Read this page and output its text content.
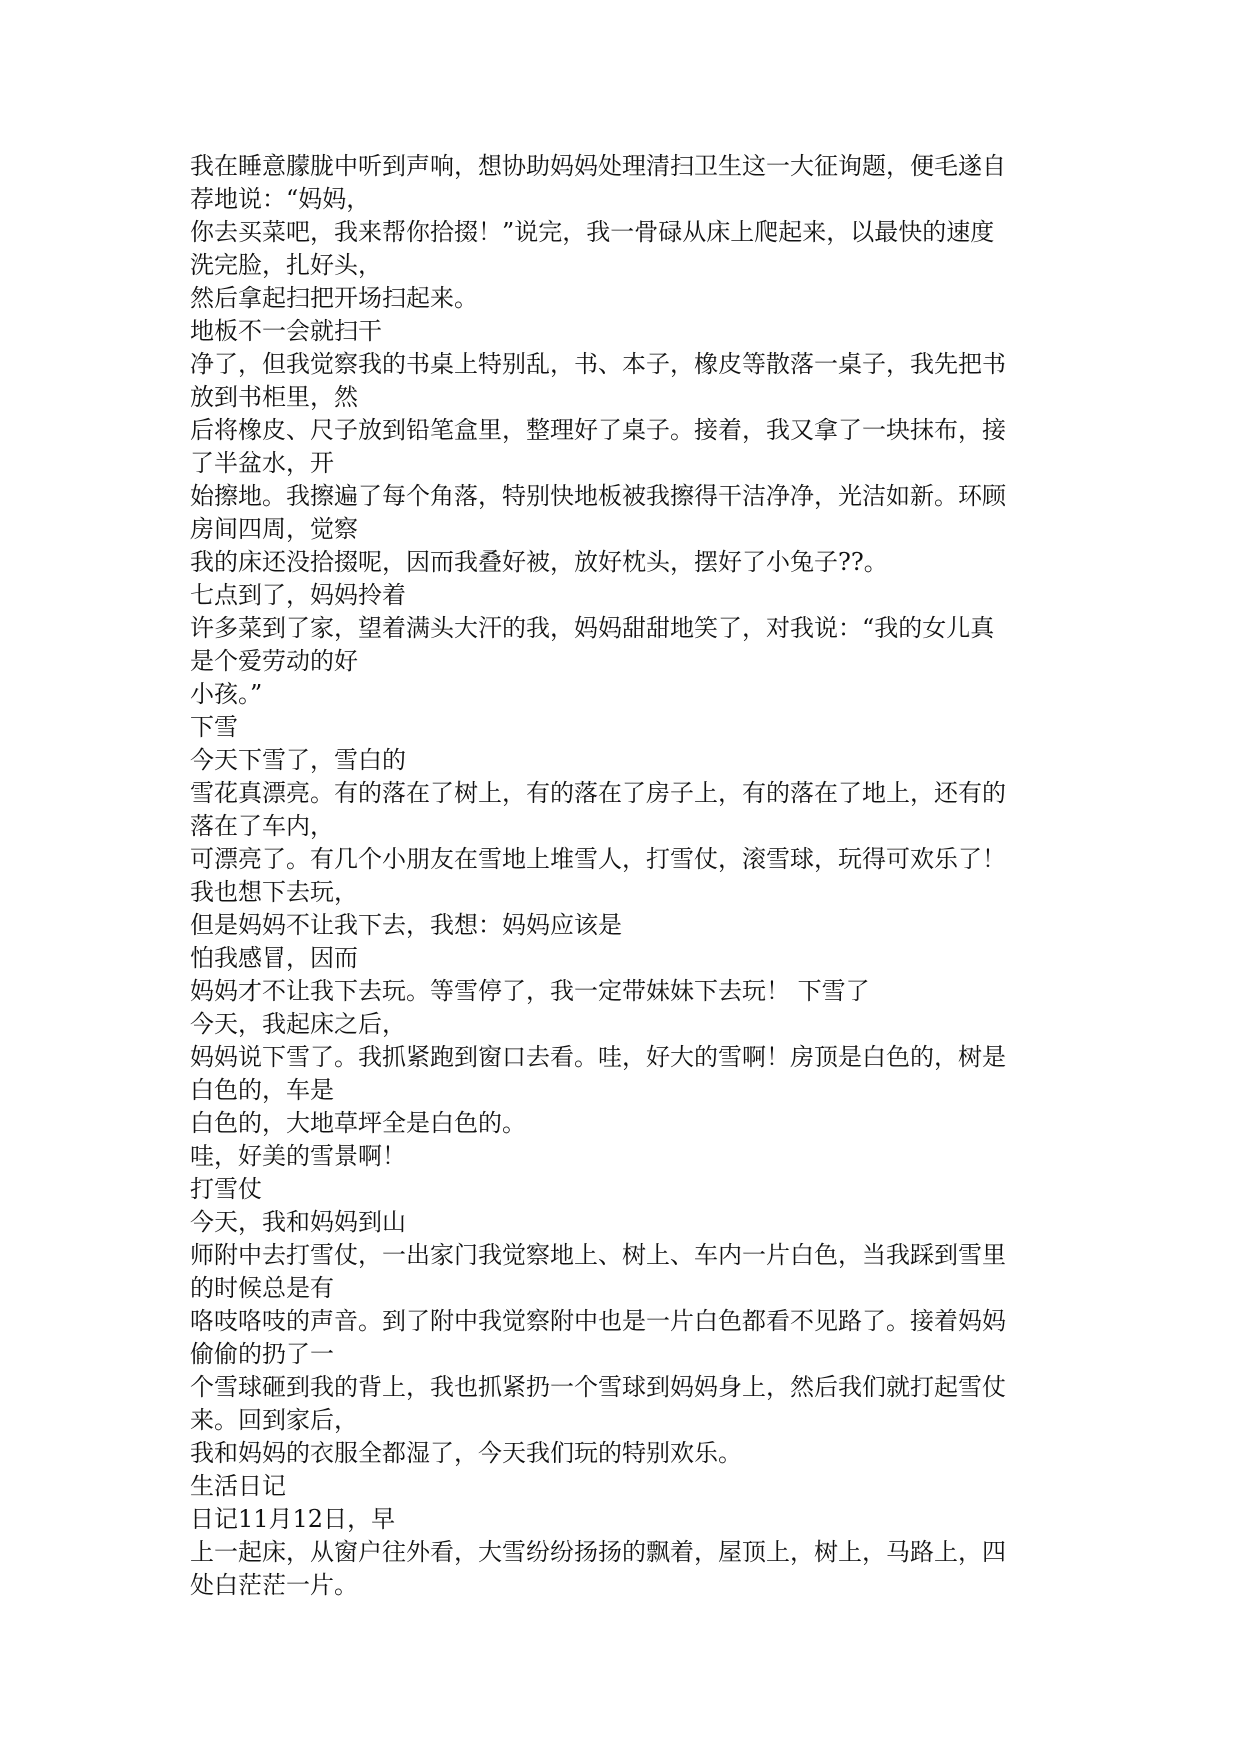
我在睡意朦胧中听到声响，想协助妈妈处理清扫卫生这一大征询题，便毛遂自
荐地说：“妈妈，
你去买菜吧，我来帮你拾掇！”说完，我一骨碌从床上爬起来，以最快的速度
洗完脸，扎好头，
然后拿起扫把开场扫起来。
地板不一会就扫干
净了，但我觉察我的书桌上特别乱，书、本子，橡皮等散落一桌子，我先把书
放到书柜里，然
后将橡皮、尺子放到铅笔盒里，整理好了桌子。接着，我又拿了一块抹布，接
了半盆水，开
始擦地。我擦遍了每个角落，特别快地板被我擦得干洁净净，光洁如新。环顾
房间四周，觉察
我的床还没拾掇呢，因而我叠好被，放好枕头，摆好了小兔子??。
七点到了，妈妈拎着
许多菜到了家，望着满头大汗的我，妈妈甜甜地笑了，对我说：“我的女儿真
是个爱劳动的好
小孩。”
下雪
今天下雪了，雪白的
雪花真漂亮。有的落在了树上，有的落在了房子上，有的落在了地上，还有的
落在了车内，
可漂亮了。有几个小朋友在雪地上堆雪人，打雪仗，滚雪球，玩得可欢乐了！
我也想下去玩，
但是妈妈不让我下去，我想：妈妈应该是
怕我感冒，因而
妈妈才不让我下去玩。等雪停了，我一定带妹妹下去玩！ 下雪了
今天，我起床之后，
妈妈说下雪了。我抓紧跑到窗口去看。哇，好大的雪啊！房顶是白色的，树是
白色的，车是
白色的，大地草坪全是白色的。
哇，好美的雪景啊！
打雪仗
今天，我和妈妈到山
师附中去打雪仗，一出家门我觉察地上、树上、车内一片白色，当我踩到雪里
的时候总是有
咯吱咯吱的声音。到了附中我觉察附中也是一片白色都看不见路了。接着妈妈
偷偷的扔了一
个雪球砸到我的背上，我也抓紧扔一个雪球到妈妈身上，然后我们就打起雪仗
来。回到家后，
我和妈妈的衣服全都湿了，今天我们玩的特别欢乐。
生活日记
日记11月12日，早
上一起床，从窗户往外看，大雪纷纷扬扬的飘着，屋顶上，树上，马路上，四
处白茫茫一片。
